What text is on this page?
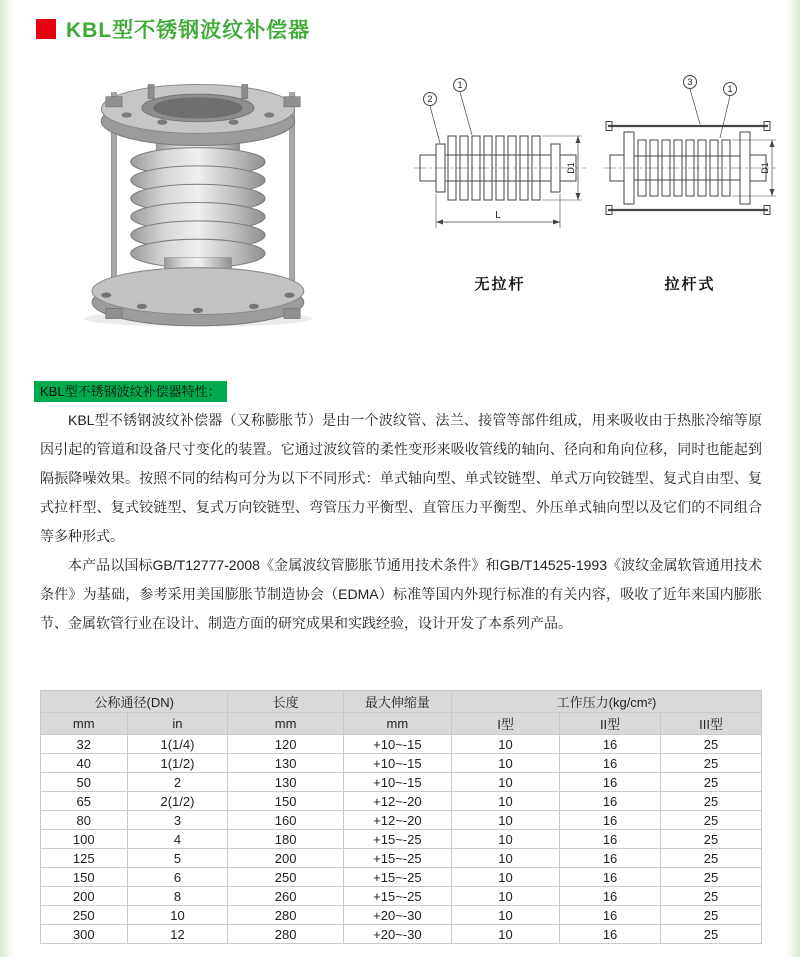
KBL型不锈钢波纹补偿器
1
2
L
D1
3
1
D1
无拉杆	拉杆式
KBL型不锈钢波纹补偿器特性：

KBL型不锈钢波纹补偿器（又称膨胀节）是由一个波纹管、法兰、接管等部件组成，用来吸收由于热胀冷缩等原因引起的管道和设备尺寸变化的装置。它通过波纹管的柔性变形来吸收管线的轴向、径向和角向位移，同时也能起到隔振降噪效果。按照不同的结构可分为以下不同形式：单式轴向型、单式铰链型、单式万向铰链型、复式自由型、复式拉杆型、复式铰链型、复式万向铰链型、弯管压力平衡型、直管压力平衡型、外压单式轴向型以及它们的不同组合等多种形式。

本产品以国标GB/T12777-2008《金属波纹管膨胀节通用技术条件》和GB/T14525-1993《波纹金属软管通用技术条件》为基础，参考采用美国膨胀节制造协会（EDMA）标准等国内外现行标准的有关内容，吸收了近年来国内膨胀节、金属软管行业在设计、制造方面的研究成果和实践经验，设计开发了本系列产品。

公称通径(DN)		长度	最大伸缩量	工作压力(kg/cm²)		
mm	in	mm	mm	I型	II型	III型
32	1(1/4)	120	+10~-15	10	16	25
40	1(1/2)	130	+10~-15	10	16	25
50	2	130	+10~-15	10	16	25
65	2(1/2)	150	+12~-20	10	16	25
80	3	160	+12~-20	10	16	25
100	4	180	+15~-25	10	16	25
125	5	200	+15~-25	10	16	25
150	6	250	+15~-25	10	16	25
200	8	260	+15~-25	10	16	25
250	10	280	+20~-30	10	16	25
300	12	280	+20~-30	10	16	25
